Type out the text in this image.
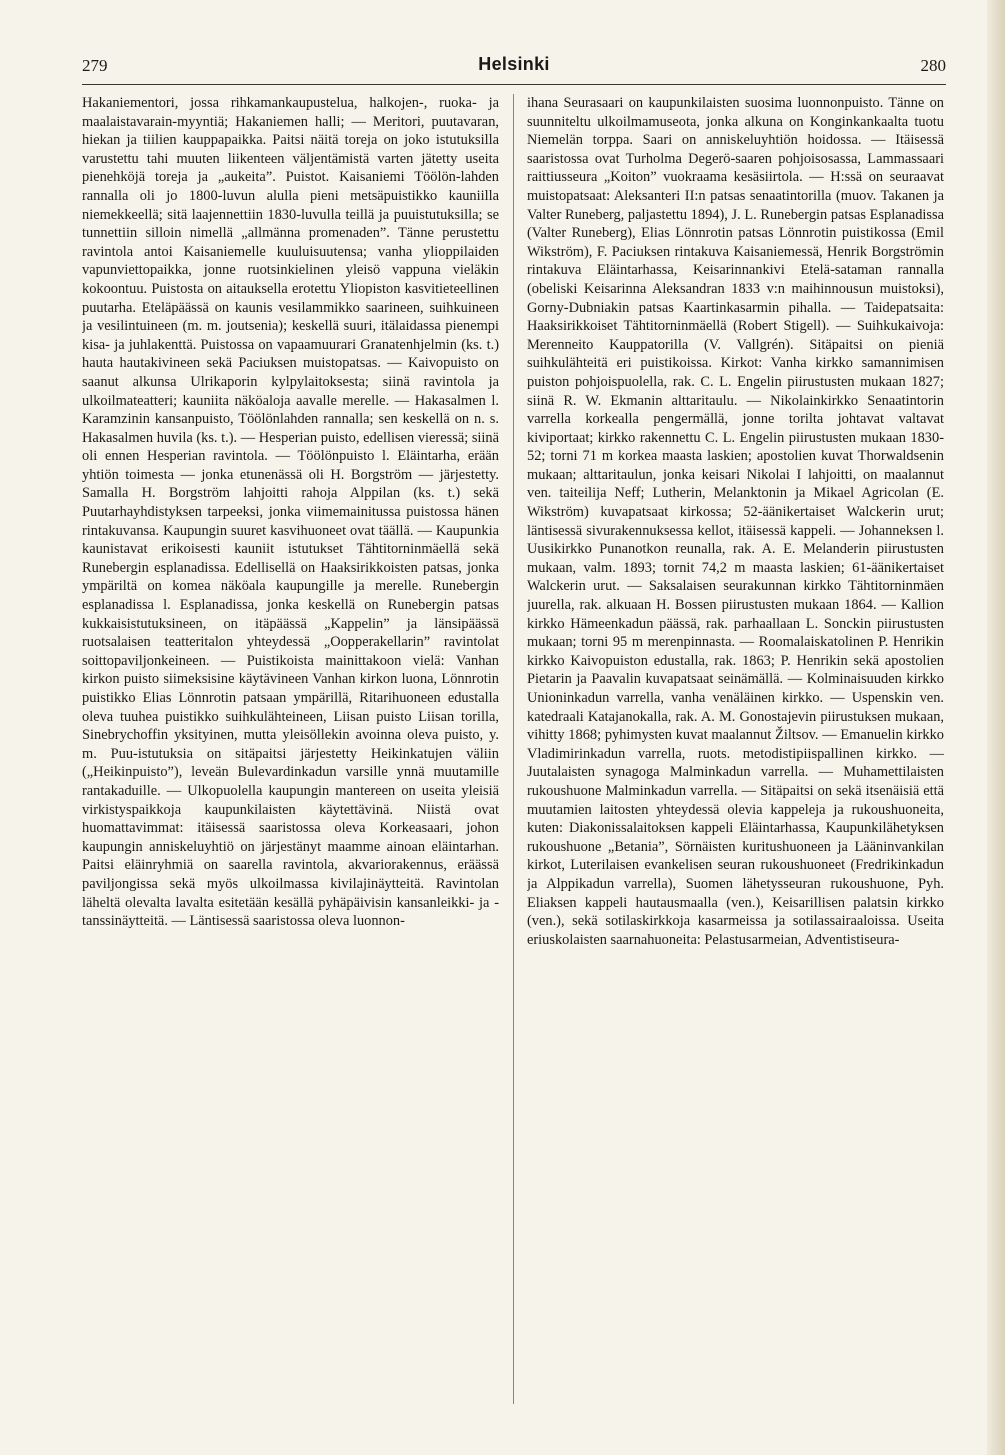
279	Helsinki	280

Hakaniementori, jossa rihkamankaupustelua, halkojen-, ruoka- ja maalaistavarain-myyntiä; Hakaniemen halli; — Meritori, puutavaran, hiekan ja tiilien kauppapaikka. Paitsi näitä toreja on joko istutuksilla varustettu tahi muuten liikenteen väljentämistä varten jätetty useita pienehköjä toreja ja „aukeita”. Puistot. Kaisaniemi Töölön-lahden rannalla oli jo 1800-luvun alulla pieni metsäpuistikko kauniilla niemekkeellä; sitä laajennettiin 1830-luvulla teillä ja puuistutuksilla; se tunnettiin silloin nimellä „allmänna promenaden”. Tänne perustettu ravintola antoi Kaisaniemelle kuuluisuutensa; vanha ylioppilaiden vapunviettopaikka, jonne ruotsinkielinen yleisö vappuna vieläkin kokoontuu. Puistosta on aitauksella erotettu Yliopiston kasvitieteellinen puutarha. Eteläpäässä on kaunis vesilammikko saarineen, suihkuineen ja vesilintuineen (m. m. joutsenia); keskellä suuri, itälaidassa pienempi kisa- ja juhlakenttä. Puistossa on vapaamuurari Granatenhjelmin (ks. t.) hauta hautakivineen sekä Paciuksen muistopatsas. — Kaivopuisto on saanut alkunsa Ulrikaporin kylpylaitoksesta; siinä ravintola ja ulkoilmateatteri; kauniita näköaloja aavalle merelle. — Hakasalmen l. Karamzinin kansanpuisto, Töölönlahden rannalla; sen keskellä on n. s. Hakasalmen huvila (ks. t.). — Hesperian puisto, edellisen vieressä; siinä oli ennen Hesperian ravintola. — Töölönpuisto l. Eläintarha, erään yhtiön toimesta — jonka etunenässä oli H. Borgström — järjestetty. Samalla H. Borgström lahjoitti rahoja Alppilan (ks. t.) sekä Puutarhayhdistyksen tarpeeksi, jonka viimemainitussa puistossa hänen rintakuvansa. Kaupungin suuret kasvihuoneet ovat täällä. — Kaupunkia kaunistavat erikoisesti kauniit istutukset Tähtitorninmäellä sekä Runebergin esplanadissa. Edellisellä on Haaksirikkoisten patsas, jonka ympäriltä on komea näköala kaupungille ja merelle. Runebergin esplanadissa l. Esplanadissa, jonka keskellä on Runebergin patsas kukkaisistutuksineen, on itäpäässä „Kappelin” ja länsipäässä ruotsalaisen teatteritalon yhteydessä „Oopperakellarin” ravintolat soittopaviljonkeineen. — Puistikoista mainittakoon vielä: Vanhan kirkon puisto siimeksisine käytävineen Vanhan kirkon luona, Lönnrotin puistikko Elias Lönnrotin patsaan ympärillä, Ritarihuoneen edustalla oleva tuuhea puistikko suihkulähteineen, Liisan puisto Liisan torilla, Sinebrychoffin yksityinen, mutta yleisöllekin avoinna oleva puisto, y. m. Puu-istutuksia on sitäpaitsi järjestetty Heikinkatujen väliin („Heikinpuisto”), leveän Bulevardinkadun varsille ynnä muutamille rantakaduille. — Ulkopuolella kaupungin mantereen on useita yleisiä virkistyspaikkoja kaupunkilaisten käytettävinä. Niistä ovat huomattavimmat: itäisessä saaristossa oleva Korkeasaari, johon kaupungin anniskeluyhtiö on järjestänyt maamme ainoan eläintarhan. Paitsi eläinryhmiä on saarella ravintola, akvariorakennus, eräässä paviljongissa sekä myös ulkoilmassa kivilajinäytteitä. Ravintolan läheltä olevalta lavalta esitetään kesällä pyhäpäivisin kansanleikki- ja -tanssinäytteitä. — Läntisessä saaristossa oleva luonnon-

ihana Seurasaari on kaupunkilaisten suosima luonnonpuisto. Tänne on suunniteltu ulkoilmamuseota, jonka alkuna on Konginkankaalta tuotu Niemelän torppa. Saari on anniskeluyhtiön hoidossa. — Itäisessä saaristossa ovat Turholma Degerö-saaren pohjoisosassa, Lammassaari raittiusseura „Koiton” vuokraama kesäsiirtola. — H:ssä on seuraavat muistopatsaat: Aleksanteri II:n patsas senaatintorilla (muov. Takanen ja Valter Runeberg, paljastettu 1894), J. L. Runebergin patsas Esplanadissa (Valter Runeberg), Elias Lönnrotin patsas Lönnrotin puistikossa (Emil Wikström), F. Paciuksen rintakuva Kaisaniemessä, Henrik Borgströmin rintakuva Eläintarhassa, Keisarinnankivi Etelä-sataman rannalla (obeliski Keisarinna Aleksandran 1833 v:n maihinnousun muistoksi), Gorny-Dubniakin patsas Kaartinkasarmin pihalla. — Taidepatsaita: Haaksirikkoiset Tähtitorninmäellä (Robert Stigell). — Suihkukaivoja: Merenneito Kauppatorilla (V. Vallgrén). Sitäpaitsi on pieniä suihkulähteitä eri puistikoissa. Kirkot: Vanha kirkko samannimisen puiston pohjoispuolella, rak. C. L. Engelin piirustusten mukaan 1827; siinä R. W. Ekmanin alttaritaulu. — Nikolainkirkko Senaatintorin varrella korkealla pengermällä, jonne torilta johtavat valtavat kiviportaat; kirkko rakennettu C. L. Engelin piirustusten mukaan 1830-52; torni 71 m korkea maasta laskien; apostolien kuvat Thorwaldsenin mukaan; alttaritaulun, jonka keisari Nikolai I lahjoitti, on maalannut ven. taiteilija Neff; Lutherin, Melanktonin ja Mikael Agricolan (E. Wikström) kuvapatsaat kirkossa; 52-äänikertaiset Walckerin urut; läntisessä sivurakennuksessa kellot, itäisessä kappeli. — Johanneksen l. Uusikirkko Punanotkon reunalla, rak. A. E. Melanderin piirustusten mukaan, valm. 1893; tornit 74,2 m maasta laskien; 61-äänikertaiset Walckerin urut. — Saksalaisen seurakunnan kirkko Tähtitorninmäen juurella, rak. alkuaan H. Bossen piirustusten mukaan 1864. — Kallion kirkko Hämeenkadun päässä, rak. parhaallaan L. Sonckin piirustusten mukaan; torni 95 m merenpinnasta. — Roomalaiskatolinen P. Henrikin kirkko Kaivopuiston edustalla, rak. 1863; P. Henrikin sekä apostolien Pietarin ja Paavalin kuvapatsaat seinämällä. — Kolminaisuuden kirkko Unioninkadun varrella, vanha venäläinen kirkko. — Uspenskin ven. katedraali Katajanokalla, rak. A. M. Gonostajevin piirustuksen mukaan, vihitty 1868; pyhimysten kuvat maalannut Žiltsov. — Emanuelin kirkko Vladimirinkadun varrella, ruots. metodistipiispallinen kirkko. — Juutalaisten synagoga Malminkadun varrella. — Muhamettilaisten rukoushuone Malminkadun varrella. — Sitäpaitsi on sekä itsenäisiä että muutamien laitosten yhteydessä olevia kappeleja ja rukoushuoneita, kuten: Diakonissalaitoksen kappeli Eläintarhassa, Kaupunkilähetyksen rukoushuone „Betania”, Sörnäisten kuritushuoneen ja Lääninvankilan kirkot, Luterilaisen evankelisen seuran rukoushuoneet (Fredrikinkadun ja Alppikadun varrella), Suomen lähetysseuran rukoushuone, Pyh. Eliaksen kappeli hautausmaalla (ven.), Keisarillisen palatsin kirkko (ven.), sekä sotilaskirkkoja kasarmeissa ja sotilassairaaloissa. Useita eriuskolaisten saarnahuoneita: Pelastusarmeian, Adventistiseura-
